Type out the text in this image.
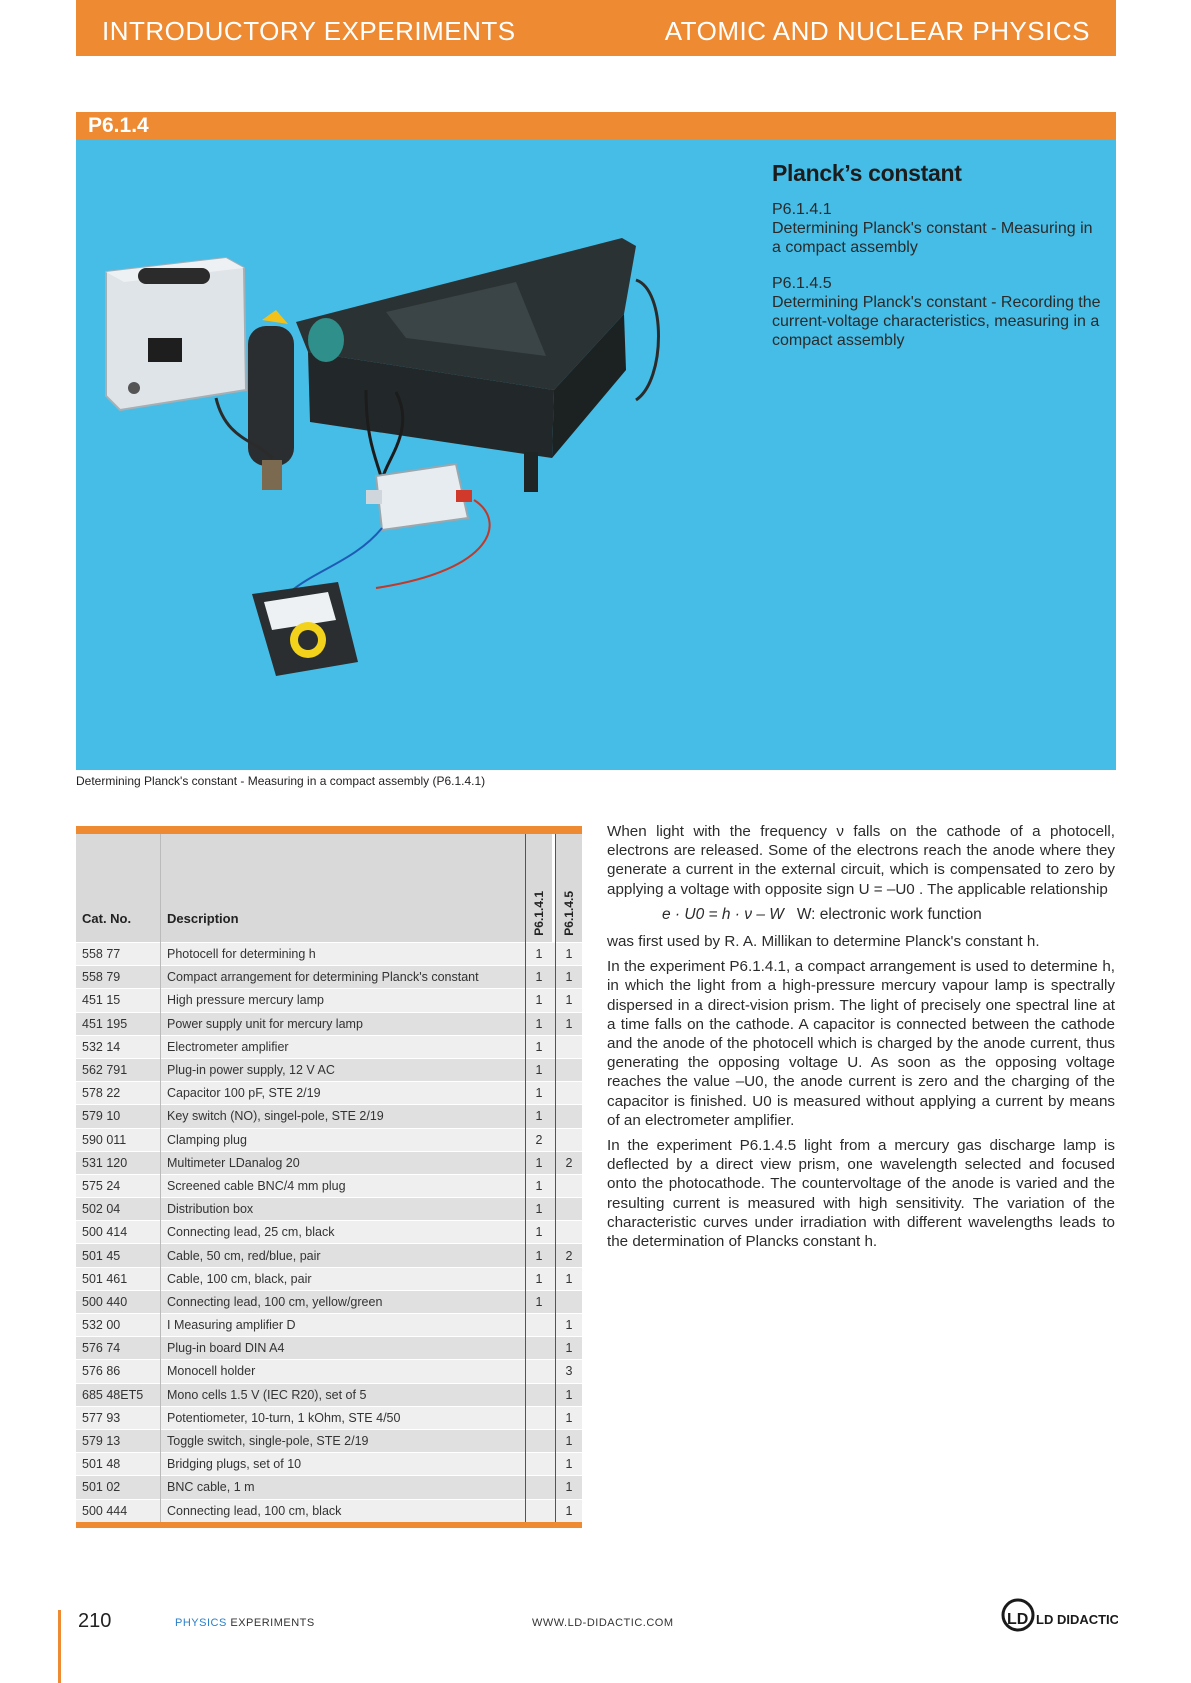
INTRODUCTORY EXPERIMENTS	ATOMIC AND NUCLEAR PHYSICS
P6.1.4
Planck’s constant
P6.1.4.1
Determining Planck's constant - Measuring in a compact assembly
P6.1.4.5
Determining Planck's constant - Recording the current-voltage characteristics, measuring in a compact assembly
Determining Planck's constant - Measuring in a compact assembly (P6.1.4.1)
Cat. No.	Description	P6.1.4.1		P6.1.4.5

558 77	Photocell for determining h	1		1
558 79	Compact arrangement for determining Planck's constant	1		1
451 15	High pressure mercury lamp	1		1
451 195	Power supply unit for mercury lamp	1		1
532 14	Electrometer amplifier	1		
562 791	Plug-in power supply, 12 V AC	1		
578 22	Capacitor 100 pF, STE 2/19	1		
579 10	Key switch (NO), singel-pole, STE 2/19	1		
590 011	Clamping plug	2		
531 120	Multimeter LDanalog 20	1		2
575 24	Screened cable BNC/4 mm plug	1		
502 04	Distribution box	1		
500 414	Connecting lead, 25 cm, black	1		
501 45	Cable, 50 cm, red/blue, pair	1		2
501 461	Cable, 100 cm, black, pair	1		1
500 440	Connecting lead, 100 cm, yellow/green	1		
532 00	I Measuring amplifier D			1
576 74	Plug-in board DIN A4			1
576 86	Monocell holder			3
685 48ET5	Mono cells 1.5 V (IEC R20), set of 5			1
577 93	Potentiometer, 10-turn, 1 kOhm, STE 4/50			1
579 13	Toggle switch, single-pole, STE 2/19			1
501 48	Bridging plugs, set of 10			1
501 02	BNC cable, 1 m			1
500 444	Connecting lead, 100 cm, black			1

When light with the frequency ν falls on the cathode of a photocell, electrons are released. Some of the electrons reach the anode where they generate a current in the external circuit, which is compensated to zero by applying a voltage with opposite sign U = –U0 . The applicable relationship

e · U0 = h · ν – W W: electronic work function

was first used by R. A. Millikan to determine Planck's constant h.

In the experiment P6.1.4.1, a compact arrangement is used to determine h, in which the light from a high-pressure mercury vapour lamp is spectrally dispersed in a direct-vision prism. The light of precisely one spectral line at a time falls on the cathode. A capacitor is connected between the cathode and the anode of the photocell which is charged by the anode current, thus generating the opposing voltage U. As soon as the opposing voltage reaches the value –U0, the anode current is zero and the charging of the capacitor is finished. U0 is measured without applying a current by means of an electrometer amplifier.

In the experiment P6.1.4.5 light from a mercury gas discharge lamp is deflected by a direct view prism, one wavelength selected and focused onto the photocathode. The countervoltage of the anode is varied and the resulting current is measured with high sensitivity. The variation of the characteristic curves under irradiation with different wavelengths leads to the determination of Plancks constant h.

210	PHYSICS EXPERIMENTS	WWW.LD-DIDACTIC.COM	LD LD DIDACTIC
